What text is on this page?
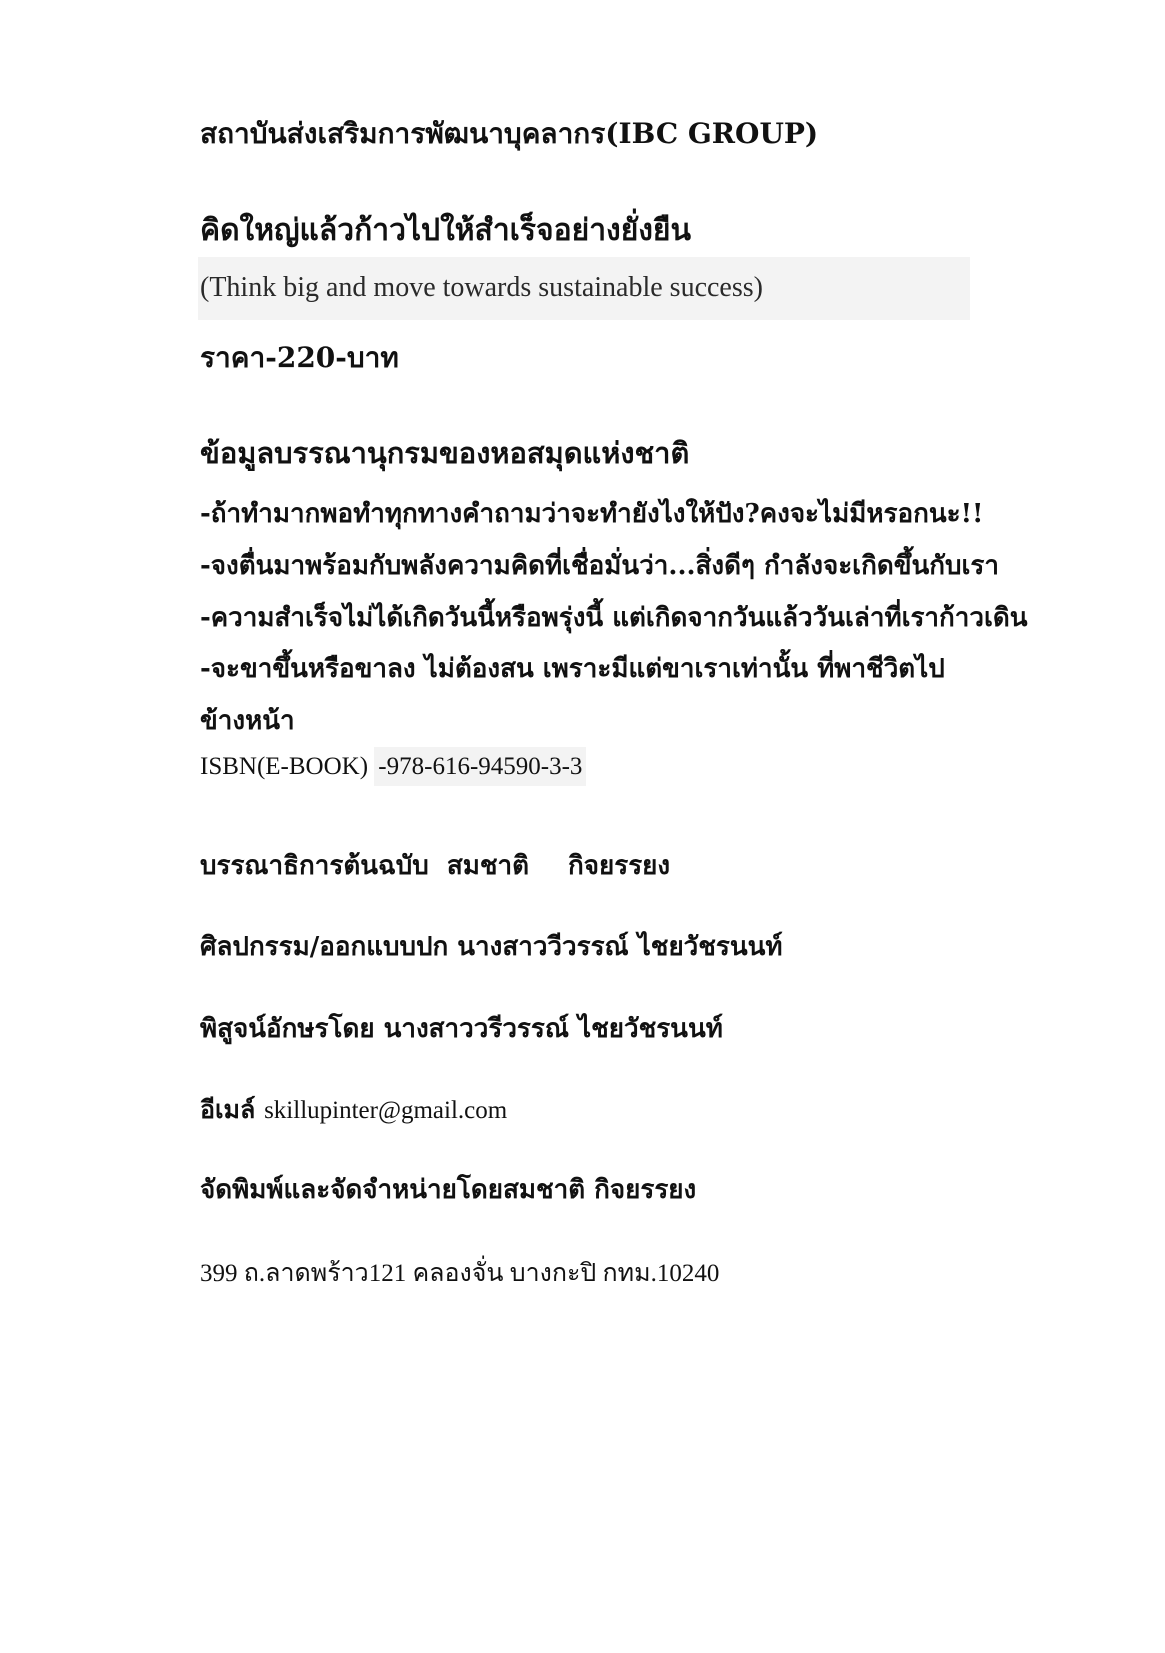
สถาบันส่งเสริมการพัฒนาบุคลากร(IBC GROUP)
คิดใหญ่แล้วก้าวไปให้สำเร็จอย่างยั่งยืน
(Think big and move towards sustainable success)
ราคา-220-บาท
ข้อมูลบรรณานุกรมของหอสมุดแห่งชาติ
-ถ้าทำมากพอทำทุกทางคำถามว่าจะทำยังไงให้ปัง?คงจะไม่มีหรอกนะ!!
-จงตื่นมาพร้อมกับพลังความคิดที่เชื่อมั่นว่า...สิ่งดีๆ กำลังจะเกิดขึ้นกับเรา
-ความสำเร็จไม่ได้เกิดวันนี้หรือพรุ่งนี้ แต่เกิดจากวันแล้ววันเล่าที่เราก้าวเดิน
-จะขาขึ้นหรือขาลง ไม่ต้องสน เพราะมีแต่ขาเราเท่านั้น ที่พาชีวิตไป
ข้างหน้า
ISBN(E-BOOK) -978-616-94590-3-3
บรรณาธิการต้นฉบับ สมชาติ กิจยรรยง
ศิลปกรรม/ออกแบบปก นางสาววีวรรณ์ ไชยวัชรนนท์
พิสูจน์อักษรโดย นางสาววรีวรรณ์ ไชยวัชรนนท์
อีเมล์ skillupinter@gmail.com
จัดพิมพ์และจัดจำหน่ายโดยสมชาติ กิจยรรยง
399 ถ.ลาดพร้าว121 คลองจั่น บางกะปิ กทม.10240
